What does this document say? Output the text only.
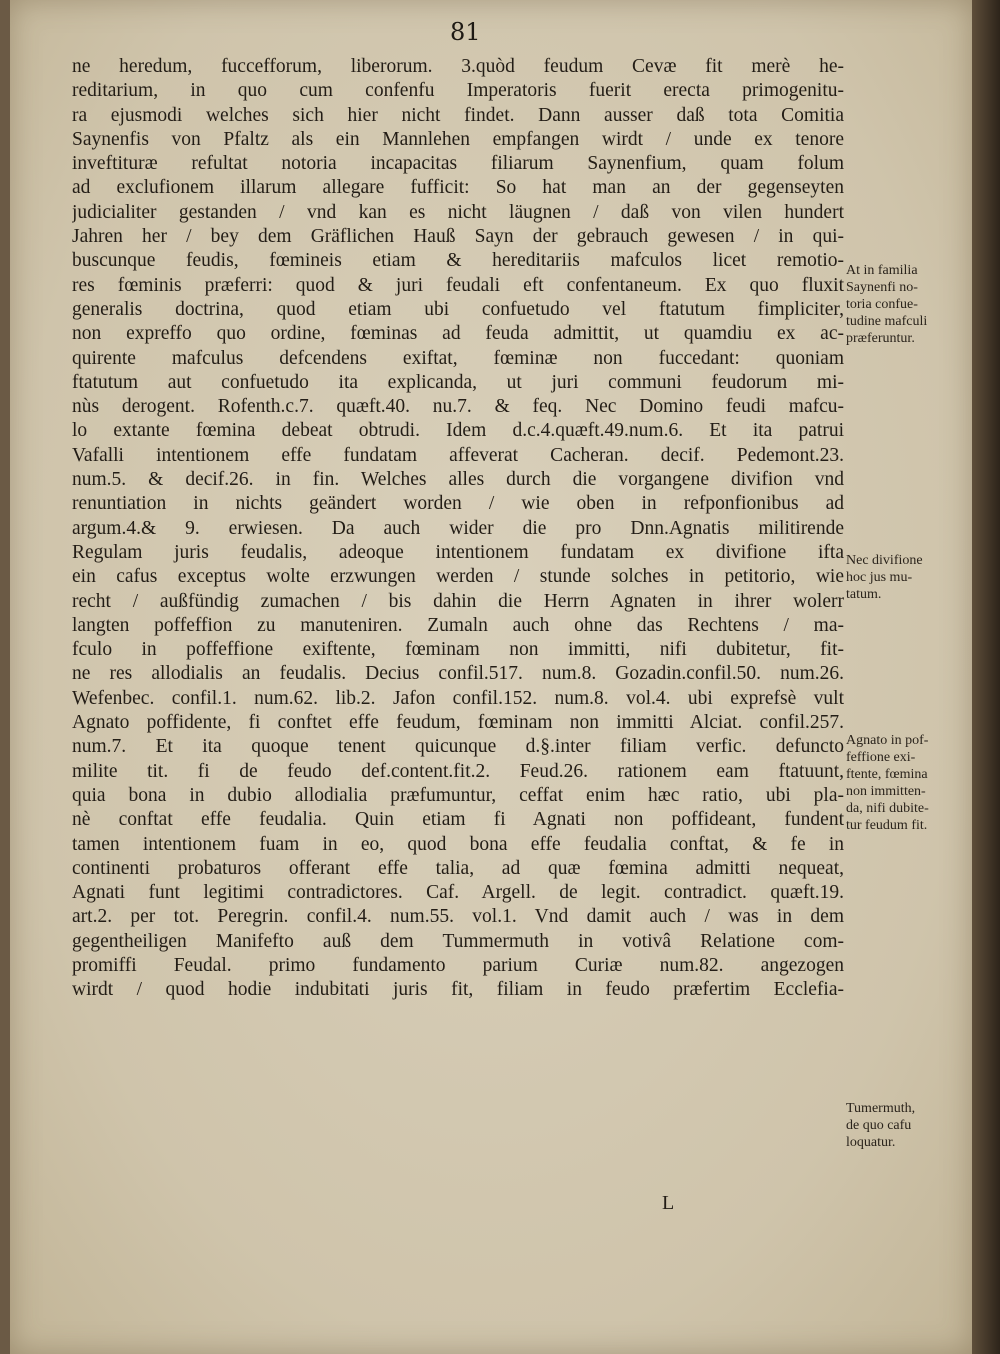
81
ne heredum, fuccefforum, liberorum. 3.quòd feudum Cevæ fit merè he-
reditarium, in quo cum confenfu Imperatoris fuerit erecta primogenitu-
ra ejusmodi welches sich hier nicht findet. Dann ausser daß tota Comitia
Saynenfis von Pfaltz als ein Mannlehen empfangen wirdt / unde ex tenore
inveftituræ refultat notoria incapacitas filiarum Saynenfium, quam folum
ad exclufionem illarum allegare fufficit: So hat man an der gegenseyten
judicialiter gestanden / vnd kan es nicht läugnen / daß von vilen hundert
Jahren her / bey dem Gräflichen Hauß Sayn der gebrauch gewesen / in qui-
buscunque feudis, fœmineis etiam & hereditariis mafculos licet remotio-
res fœminis præferri: quod & juri feudali eft confentaneum. Ex quo fluxit
generalis doctrina, quod etiam ubi confuetudo vel ftatutum fimpliciter,
non expreffo quo ordine, fœminas ad feuda admittit, ut quamdiu ex ac-
quirente mafculus defcendens exiftat, fœminæ non fuccedant: quoniam
ftatutum aut confuetudo ita explicanda, ut juri communi feudorum mi-
nùs derogent. Rofenth.c.7. quæft.40. nu.7. & feq. Nec Domino feudi mafcu-
lo extante fœmina debeat obtrudi. Idem d.c.4.quæft.49.num.6. Et ita patrui
Vafalli intentionem effe fundatam affeverat Cacheran. decif. Pedemont.23.
num.5. & decif.26. in fin. Welches alles durch die vorgangene divifion vnd
renuntiation in nichts geändert worden / wie oben in refponfionibus ad
argum.4.& 9. erwiesen. Da auch wider die pro Dnn.Agnatis militirende
Regulam juris feudalis, adeoque intentionem fundatam ex divifione ifta
ein cafus exceptus wolte erzwungen werden / stunde solches in petitorio, wie
recht / außfündig zumachen / bis dahin die Herrn Agnaten in ihrer wolerr
langten poffeffion zu manuteniren. Zumaln auch ohne das Rechtens / ma-
fculo in poffeffione exiftente, fœminam non immitti, nifi dubitetur, fit-
ne res allodialis an feudalis. Decius confil.517. num.8. Gozadin.confil.50. num.26.
Wefenbec. confil.1. num.62. lib.2. Jafon confil.152. num.8. vol.4. ubi exprefsè vult
Agnato poffidente, fi conftet effe feudum, fœminam non immitti Alciat. confil.257.
num.7. Et ita quoque tenent quicunque d.§.inter filiam verfic. defuncto
milite tit. fi de feudo def.content.fit.2. Feud.26. rationem eam ftatuunt,
quia bona in dubio allodialia præfumuntur, ceffat enim hæc ratio, ubi pla-
nè conftat effe feudalia. Quin etiam fi Agnati non poffideant, fundent
tamen intentionem fuam in eo, quod bona effe feudalia conftat, & fe in
continenti probaturos offerant effe talia, ad quæ fœmina admitti nequeat,
Agnati funt legitimi contradictores. Caf. Argell. de legit. contradict. quæft.19.
art.2. per tot. Peregrin. confil.4. num.55. vol.1. Vnd damit auch / was in dem
gegentheiligen Manifefto auß dem Tummermuth in votivâ Relatione com-
promiffi Feudal. primo fundamento parium Curiæ num.82. angezogen
wirdt / quod hodie indubitati juris fit, filiam in feudo præfertim Ecclefia-
At in familia
Saynenfi no-
toria confue-
tudine mafculi
præferuntur.
Nec divifione
hoc jus mu-
tatum.
Agnato in pof-
feffione exi-
ftente, fœmina
non immitten-
da, nifi dubite-
tur feudum fit.
Tumermuth,
de quo cafu
loquatur.
L
